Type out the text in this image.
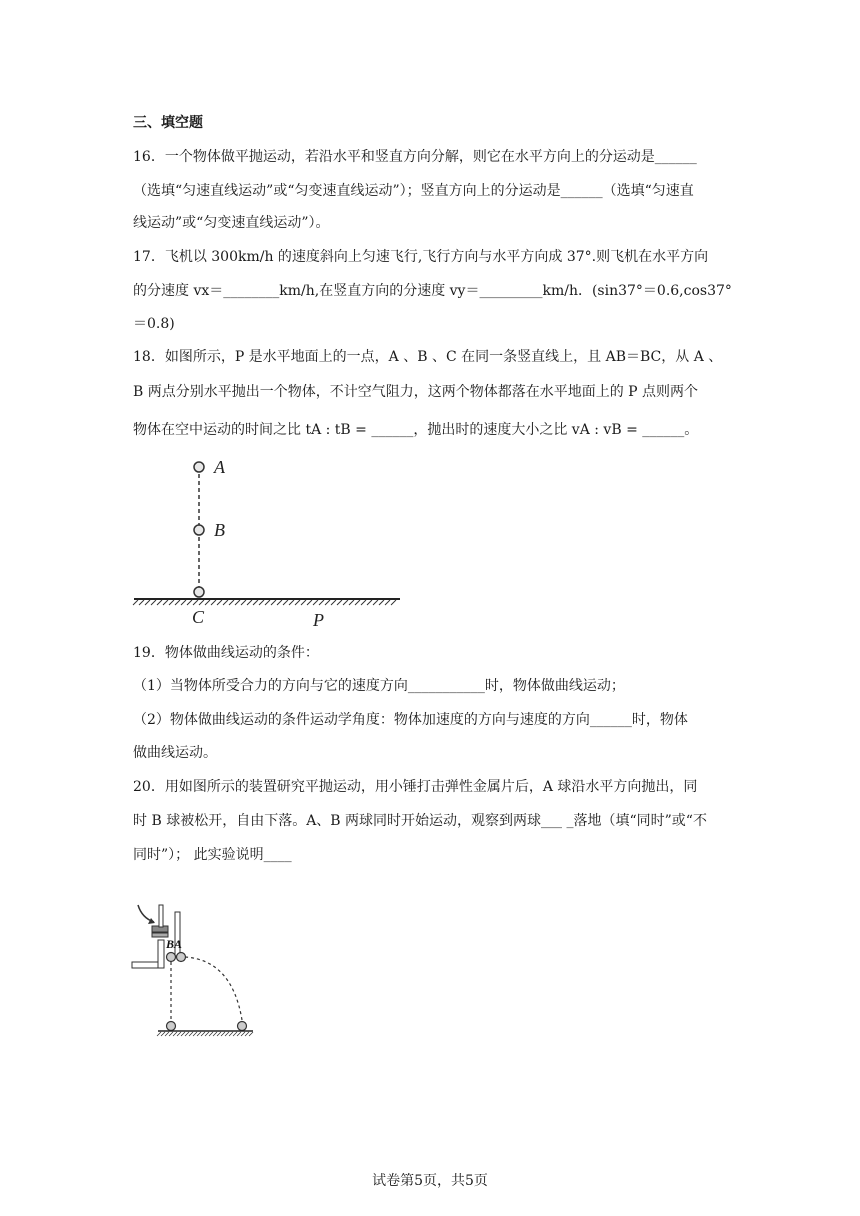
三、填空题
16．一个物体做平抛运动，若沿水平和竖直方向分解，则它在水平方向上的分运动是______
（选填“匀速直线运动”或“匀变速直线运动”）；竖直方向上的分运动是______（选填“匀速直
线运动”或“匀变速直线运动”）。
17．飞机以 300km/h 的速度斜向上匀速飞行,飞行方向与水平方向成 37°.则飞机在水平方向
的分速度 vx＝________km/h,在竖直方向的分速度 vy＝_________km/h．(sin37°＝0.6,cos37°
＝0.8)
18．如图所示，P 是水平地面上的一点，A 、B 、C 在同一条竖直线上，且 AB＝BC，从 A 、
B 两点分别水平抛出一个物体，不计空气阻力，这两个物体都落在水平地面上的 P 点则两个
物体在空中运动的时间之比 tA : tB = ______，抛出时的速度大小之比 vA : vB = ______。
A
B
C	P
19．物体做曲线运动的条件：
（1）当物体所受合力的方向与它的速度方向___________时，物体做曲线运动；
（2）物体做曲线运动的条件运动学角度：物体加速度的方向与速度的方向______时，物体
做曲线运动。
20．用如图所示的装置研究平抛运动，用小锤打击弹性金属片后，A 球沿水平方向抛出，同
时 B 球被松开，自由下落。A、B 两球同时开始运动，观察到两球___ _落地（填“同时”或“不
同时”）； 此实验说明____
BA
试卷第5页，共5页
